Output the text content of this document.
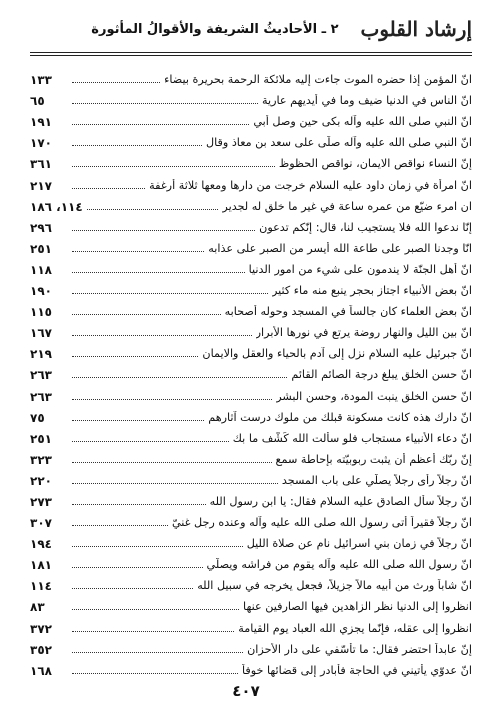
إرشاد القلوب
٢ ـ الأحاديثُ الشريفة والأقوالُ المأثورة
انّ المؤمن إذا حضره الموت جاءت إليه ملائكة الرحمة بحريرة بيضاء
١٣٣
انّ الناس في الدنيا ضيف وما في أيديهم عارية
٦٥
انّ النبي صلى الله عليه وآله بكى حين وصل أبي
١٩١
انّ النبي صلى الله عليه وآله صلّى على سعد بن معاذ وقال
١٧٠
إنّ النساء نواقص الايمان، نواقص الحظوظ
٣٦١
انّ امرأة في زمان داود عليه السلام خرجت من دارها ومعها ثلاثة أرغفة
٢١٧
ان امرء ضيّع من عمره ساعة في غير ما خلق له لجدير
١١٤، ١٨٦
إنّا ندعوا الله فلا يستجيب لنا، قال: إنّكم تدعون
٢٩٦
انّا وجدنا الصبر على طاعة الله أيسر من الصبر على عذابه
٢٥١
انّ أهل الجنّة لا يندمون على شيء من امور الدنيا
١١٨
انّ بعض الأنبياء اجتاز بحجر ينبع منه ماء كثير
١٩٠
انّ بعض العلماء كان جالساً في المسجد وحوله أصحابه
١١٥
انّ بين الليل والنهار روضة يرتع في نورها الأبرار
١٦٧
انّ جبرئيل عليه السلام نزل إلى آدم بالحياء والعقل والايمان
٢١٩
انّ حسن الخلق يبلغ درجة الصائم القائم
٢٦٣
انّ حسن الخلق ينبت المودة، وحسن البشر
٢٦٣
انّ دارك هذه كانت مسكونة قبلك من ملوك درست آثارهم
٧٥
انّ دعاء الأنبياء مستجاب فلو سألت الله كَشْف ما بك
٢٥١
إنّ ربّك أعظم أن يثبت ربوبيّته بإحاطة سمع
٣٢٣
انّ رجلاً رأى رجلاً يصلّي على باب المسجد
٢٢٠
انّ رجلاً سأل الصادق عليه السلام فقال: يا ابن رسول الله
٢٧٣
انّ رجلاً فقيراً أتى رسول الله صلى الله عليه وآله وعنده رجل غنيّ
٣٠٧
انّ رجلاً في زمان بني اسرائيل نام عن صلاة الليل
١٩٤
انّ رسول الله صلى الله عليه وآله يقوم من فراشه ويصلّي
١٨١
انّ شاباً ورث من أبيه مالاً جزيلاً، فجعل يخرجه في سبيل الله
١١٤
انظروا إلى الدنيا نظر الزاهدين فيها الصارفين عنها
٨٣
انظروا إلى عقله، فإنّما يجزي الله العباد يوم القيامة
٣٧٢
إنّ عابداً احتضر فقال: ما تأسّفي على دار الأحزان
٣٥٢
انّ عدوّي يأتيني في الحاجة فأبادر إلى قضائها خوفاً
١٦٨
٤٠٧
